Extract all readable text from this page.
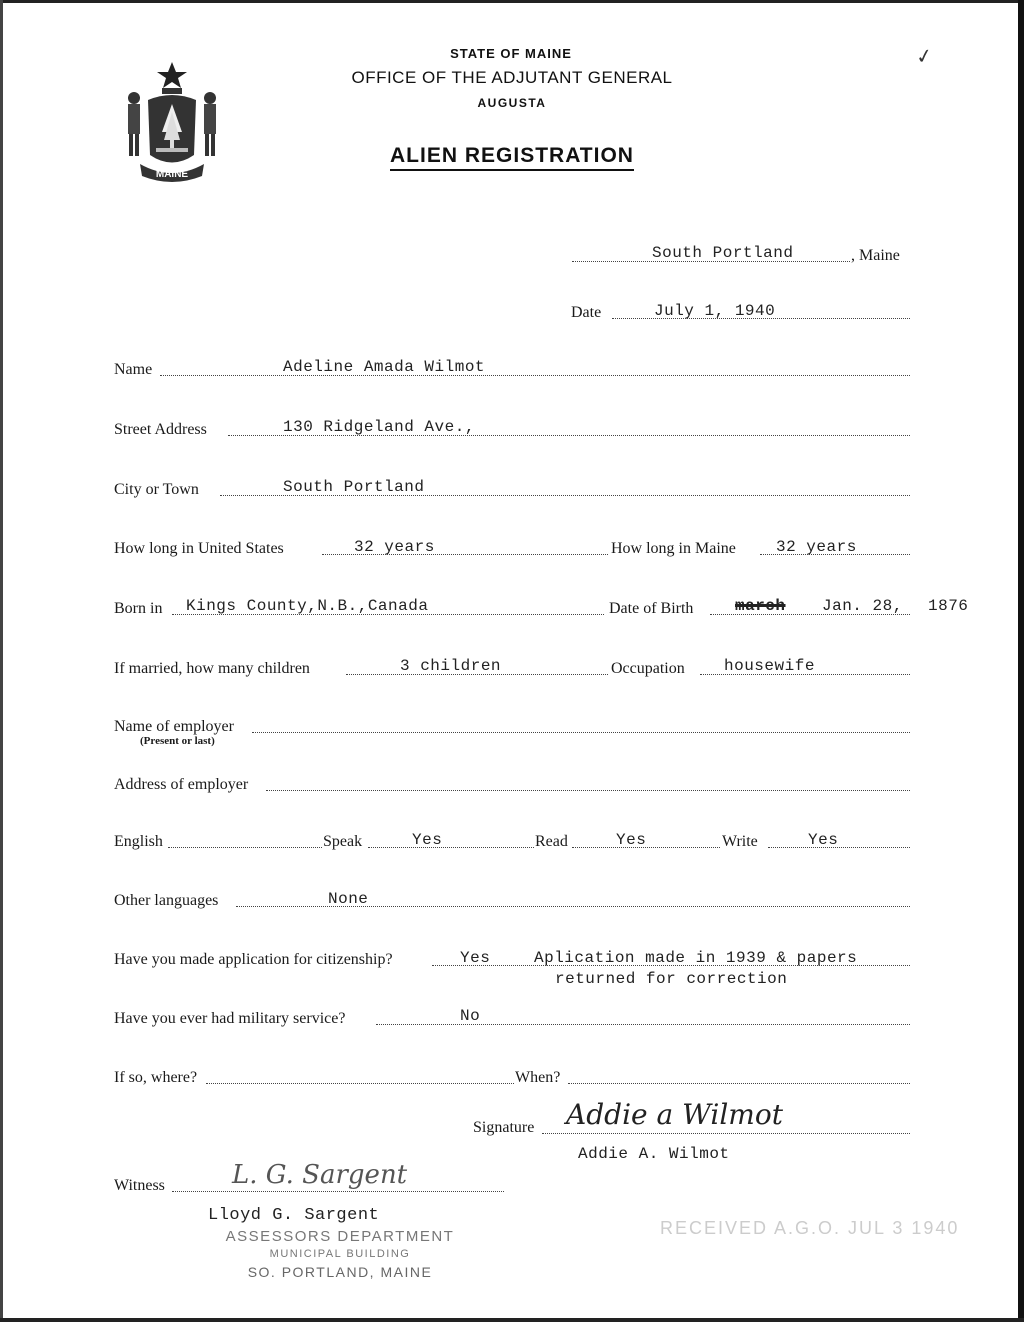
MAINE
STATE OF MAINE
OFFICE OF THE ADJUTANT GENERAL
AUGUSTA
ALIEN REGISTRATION
✓
South Portland	, Maine
Date	July 1, 1940
Name	Adeline Amada Wilmot
Street Address	130 Ridgeland Ave.,
City or Town	South Portland
How long in United States	32 years	How long in Maine	32 years
Born in Kings County,N.B.,Canada	Date of Birth	march Jan. 28, 1876
If married, how many children	3 children	Occupation housewife
Name of employer
(Present or last)
Address of employer
English	Speak	Yes	Read	Yes	Write	Yes
Other languages	None
Have you made application for citizenship?	Yes	Aplication made in 1939 & papers
returned for correction
Have you ever had military service?	No
If so, where?	When?
Signature Addie a Wilmot
Addie A. Wilmot
Witness	L. G. Sargent
Lloyd G. Sargent
ASSESSORS DEPARTMENT
MUNICIPAL BUILDING
SO. PORTLAND, MAINE
RECEIVED A.G.O. JUL 3 1940
